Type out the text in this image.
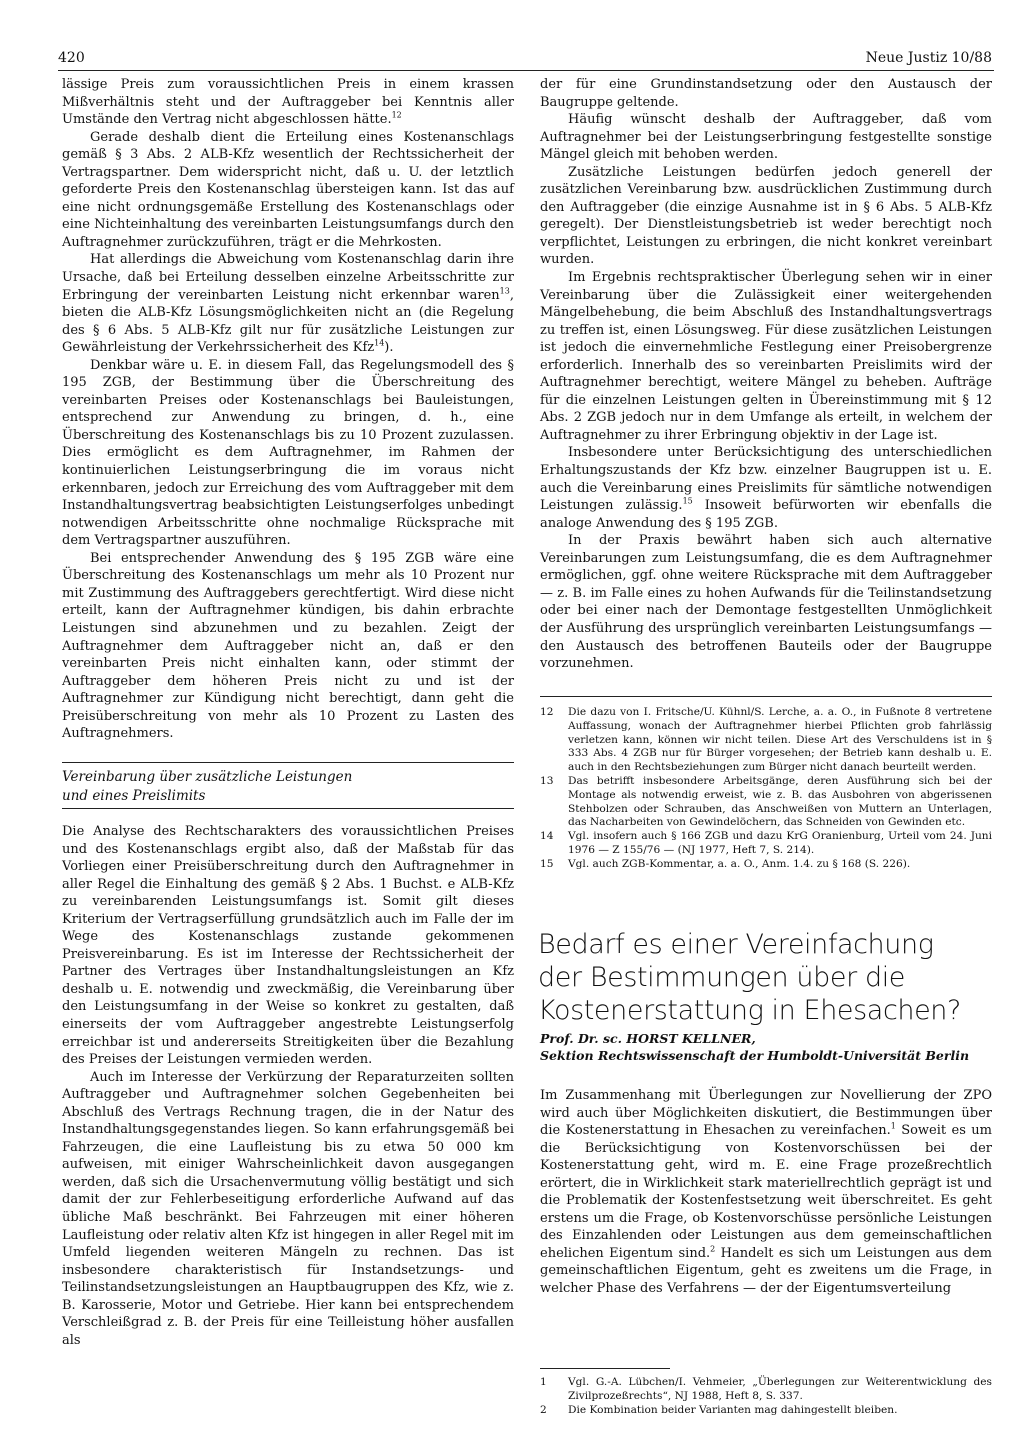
420	Neue Justiz 10/88

lässige Preis zum voraussichtlichen Preis in einem krassen Mißverhältnis steht und der Auftraggeber bei Kenntnis aller Umstände den Vertrag nicht abgeschlossen hätte.$^{12}$

Gerade deshalb dient die Erteilung eines Kostenanschlags gemäß § 3 Abs. 2 ALB-Kfz wesentlich der Rechtssicherheit der Vertragspartner. Dem widerspricht nicht, daß u. U. der letztlich geforderte Preis den Kostenanschlag übersteigen kann. Ist das auf eine nicht ordnungsgemäße Erstellung des Kostenanschlags oder eine Nichteinhaltung des vereinbarten Leistungsumfangs durch den Auftragnehmer zurückzuführen, trägt er die Mehrkosten.

Hat allerdings die Abweichung vom Kostenanschlag darin ihre Ursache, daß bei Erteilung desselben einzelne Arbeitsschritte zur Erbringung der vereinbarten Leistung nicht erkennbar waren$^{13}$, bieten die ALB-Kfz Lösungsmöglichkeiten nicht an (die Regelung des § 6 Abs. 5 ALB-Kfz gilt nur für zusätzliche Leistungen zur Gewährleistung der Verkehrssicherheit des Kfz$^{14}$).

Denkbar wäre u. E. in diesem Fall, das Regelungsmodell des § 195 ZGB, der Bestimmung über die Überschreitung des vereinbarten Preises oder Kostenanschlags bei Bauleistungen, entsprechend zur Anwendung zu bringen, d. h., eine Überschreitung des Kostenanschlags bis zu 10 Prozent zuzulassen. Dies ermöglicht es dem Auftragnehmer, im Rahmen der kontinuierlichen Leistungserbringung die im voraus nicht erkennbaren, jedoch zur Erreichung des vom Auftraggeber mit dem Instandhaltungsvertrag beabsichtigten Leistungserfolges unbedingt notwendigen Arbeitsschritte ohne nochmalige Rücksprache mit dem Vertragspartner auszuführen.

Bei entsprechender Anwendung des § 195 ZGB wäre eine Überschreitung des Kostenanschlags um mehr als 10 Prozent nur mit Zustimmung des Auftraggebers gerechtfertigt. Wird diese nicht erteilt, kann der Auftragnehmer kündigen, bis dahin erbrachte Leistungen sind abzunehmen und zu bezahlen. Zeigt der Auftragnehmer dem Auftraggeber nicht an, daß er den vereinbarten Preis nicht einhalten kann, oder stimmt der Auftraggeber dem höheren Preis nicht zu und ist der Auftragnehmer zur Kündigung nicht berechtigt, dann geht die Preisüberschreitung von mehr als 10 Prozent zu Lasten des Auftragnehmers.

Vereinbarung über zusätzliche Leistungen
und eines Preislimits

Die Analyse des Rechtscharakters des voraussichtlichen Preises und des Kostenanschlags ergibt also, daß der Maßstab für das Vorliegen einer Preisüberschreitung durch den Auftragnehmer in aller Regel die Einhaltung des gemäß § 2 Abs. 1 Buchst. e ALB-Kfz zu vereinbarenden Leistungsumfangs ist. Somit gilt dieses Kriterium der Vertragserfüllung grundsätzlich auch im Falle der im Wege des Kostenanschlags zustande gekommenen Preisvereinbarung. Es ist im Interesse der Rechtssicherheit der Partner des Vertrages über Instandhaltungsleistungen an Kfz deshalb u. E. notwendig und zweckmäßig, die Vereinbarung über den Leistungsumfang in der Weise so konkret zu gestalten, daß einerseits der vom Auftraggeber angestrebte Leistungserfolg erreichbar ist und andererseits Streitigkeiten über die Bezahlung des Preises der Leistungen vermieden werden.

Auch im Interesse der Verkürzung der Reparaturzeiten sollten Auftraggeber und Auftragnehmer solchen Gegebenheiten bei Abschluß des Vertrags Rechnung tragen, die in der Natur des Instandhaltungsgegenstandes liegen. So kann erfahrungsgemäß bei Fahrzeugen, die eine Laufleistung bis zu etwa 50 000 km aufweisen, mit einiger Wahrscheinlichkeit davon ausgegangen werden, daß sich die Ursachenvermutung völlig bestätigt und sich damit der zur Fehlerbeseitigung erforderliche Aufwand auf das übliche Maß beschränkt. Bei Fahrzeugen mit einer höheren Laufleistung oder relativ alten Kfz ist hingegen in aller Regel mit im Umfeld liegenden weiteren Mängeln zu rechnen. Das ist insbesondere charakteristisch für Instandsetzungs- und Teilinstandsetzungsleistungen an Hauptbaugruppen des Kfz, wie z. B. Karosserie, Motor und Getriebe. Hier kann bei entsprechendem Verschleißgrad z. B. der Preis für eine Teilleistung höher ausfallen als

der für eine Grundinstandsetzung oder den Austausch der Baugruppe geltende.

Häufig wünscht deshalb der Auftraggeber, daß vom Auftragnehmer bei der Leistungserbringung festgestellte sonstige Mängel gleich mit behoben werden.

Zusätzliche Leistungen bedürfen jedoch generell der zusätzlichen Vereinbarung bzw. ausdrücklichen Zustimmung durch den Auftraggeber (die einzige Ausnahme ist in § 6 Abs. 5 ALB-Kfz geregelt). Der Dienstleistungsbetrieb ist weder berechtigt noch verpflichtet, Leistungen zu erbringen, die nicht konkret vereinbart wurden.

Im Ergebnis rechtspraktischer Überlegung sehen wir in einer Vereinbarung über die Zulässigkeit einer weitergehenden Mängelbehebung, die beim Abschluß des Instandhaltungsvertrags zu treffen ist, einen Lösungsweg. Für diese zusätzlichen Leistungen ist jedoch die einvernehmliche Festlegung einer Preisobergrenze erforderlich. Innerhalb des so vereinbarten Preislimits wird der Auftragnehmer berechtigt, weitere Mängel zu beheben. Aufträge für die einzelnen Leistungen gelten in Übereinstimmung mit § 12 Abs. 2 ZGB jedoch nur in dem Umfange als erteilt, in welchem der Auftragnehmer zu ihrer Erbringung objektiv in der Lage ist.

Insbesondere unter Berücksichtigung des unterschiedlichen Erhaltungszustands der Kfz bzw. einzelner Baugruppen ist u. E. auch die Vereinbarung eines Preislimits für sämtliche notwendigen Leistungen zulässig.$^{15}$ Insoweit befürworten wir ebenfalls die analoge Anwendung des § 195 ZGB.

In der Praxis bewährt haben sich auch alternative Vereinbarungen zum Leistungsumfang, die es dem Auftragnehmer ermöglichen, ggf. ohne weitere Rücksprache mit dem Auftraggeber — z. B. im Falle eines zu hohen Aufwands für die Teilinstandsetzung oder bei einer nach der Demontage festgestellten Unmöglichkeit der Ausführung des ursprünglich vereinbarten Leistungsumfangs — den Austausch des betroffenen Bauteils oder der Baugruppe vorzunehmen.

12	Die dazu von I. Fritsche/U. Kühnl/S. Lerche, a. a. O., in Fußnote 8 vertretene Auffassung, wonach der Auftragnehmer hierbei Pflichten grob fahrlässig verletzen kann, können wir nicht teilen. Diese Art des Verschuldens ist in § 333 Abs. 4 ZGB nur für Bürger vorgesehen; der Betrieb kann deshalb u. E. auch in den Rechtsbeziehungen zum Bürger nicht danach beurteilt werden.
13	Das betrifft insbesondere Arbeitsgänge, deren Ausführung sich bei der Montage als notwendig erweist, wie z. B. das Ausbohren von abgerissenen Stehbolzen oder Schrauben, das Anschweißen von Muttern an Unterlagen, das Nacharbeiten von Gewindelöchern, das Schneiden von Gewinden etc.
14	Vgl. insofern auch § 166 ZGB und dazu KrG Oranienburg, Urteil vom 24. Juni 1976 — Z 155/76 — (NJ 1977, Heft 7, S. 214).
15	Vgl. auch ZGB-Kommentar, a. a. O., Anm. 1.4. zu § 168 (S. 226).
Bedarf es einer Vereinfachung
der Bestimmungen über die
Kostenerstattung in Ehesachen?
Prof. Dr. sc. HORST KELLNER,
Sektion Rechtswissenschaft der Humboldt-Universität Berlin

Im Zusammenhang mit Überlegungen zur Novellierung der ZPO wird auch über Möglichkeiten diskutiert, die Bestimmungen über die Kostenerstattung in Ehesachen zu vereinfachen.$^1$ Soweit es um die Berücksichtigung von Kostenvorschüssen bei der Kostenerstattung geht, wird m. E. eine Frage prozeßrechtlich erörtert, die in Wirklichkeit stark materiellrechtlich geprägt ist und die Problematik der Kostenfestsetzung weit überschreitet. Es geht erstens um die Frage, ob Kostenvorschüsse persönliche Leistungen des Einzahlenden oder Leistungen aus dem gemeinschaftlichen ehelichen Eigentum sind.$^2$ Handelt es sich um Leistungen aus dem gemeinschaftlichen Eigentum, geht es zweitens um die Frage, in welcher Phase des Verfahrens — der der Eigentumsverteilung

1	Vgl. G.-A. Lübchen/I. Vehmeier, „Überlegungen zur Weiterentwicklung des Zivilprozeßrechts“, NJ 1988, Heft 8, S. 337.
2	Die Kombination beider Varianten mag dahingestellt bleiben.
